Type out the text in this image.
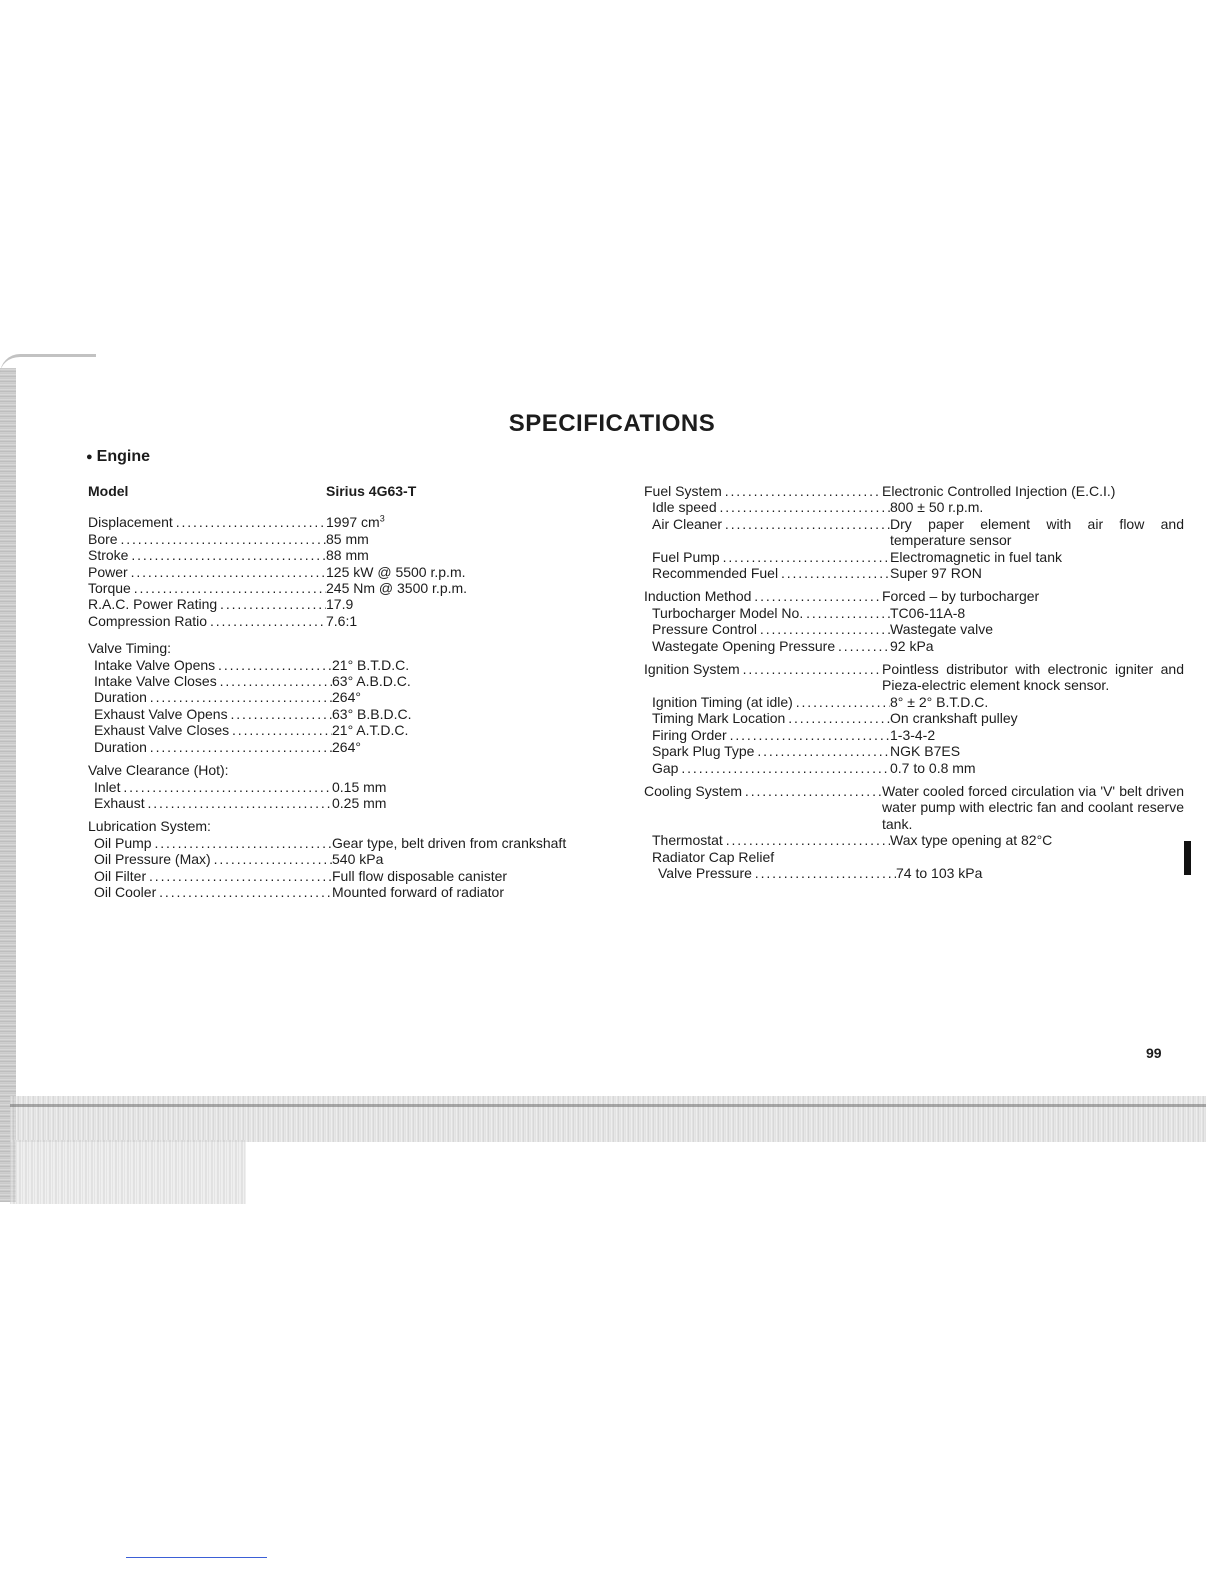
SPECIFICATIONS
● Engine
Model	Sirius 4G63-T
Displacement . . .	1997 $cm^3$
Bore . . .	85 mm
Stroke . . .	88 mm
Power . . .	125 kW @ 5500 r.p.m.
Torque . . .	245 Nm @ 3500 r.p.m.
R.A.C. Power Rating . . .	17.9
Compression Ratio . . .	7.6:1
Valve Timing:
Intake Valve Opens . . .	21° B.T.D.C.
Intake Valve Closes . . .	63° A.B.D.C.
Duration . . .	264°
Exhaust Valve Opens . . .	63° B.B.D.C.
Exhaust Valve Closes . . .	21° A.T.D.C.
Duration . . .	264°
Valve Clearance (Hot):
Inlet . . .	0.15 mm
Exhaust . . .	0.25 mm
Lubrication System:
Oil Pump . . .	Gear type, belt driven from crankshaft
Oil Pressure (Max) . . .	540 kPa
Oil Filter . . .	Full flow disposable canister
Oil Cooler . . .	Mounted forward of radiator
Fuel System . . .	Electronic Controlled Injection (E.C.I.)
Idle speed . . .	800 ± 50 r.p.m.
Air Cleaner . . .	Dry paper element with air flow and temperature sensor
Fuel Pump . . .	Electromagnetic in fuel tank
Recommended Fuel . . .	Super 97 RON
Induction Method . . .	Forced – by turbocharger
Turbocharger Model No. . . .	TC06-11A-8
Pressure Control . . .	Wastegate valve
Wastegate Opening Pressure . . .	92 kPa
Ignition System . . .	Pointless distributor with electronic igniter and Pieza-electric element knock sensor.
Ignition Timing (at idle) . . .	8° ± 2° B.T.D.C.
Timing Mark Location . . .	On crankshaft pulley
Firing Order . . .	1-3-4-2
Spark Plug Type . . .	NGK B7ES
Gap . . .	0.7 to 0.8 mm
Cooling System . . .	Water cooled forced circulation via 'V' belt driven water pump with electric fan and coolant reserve tank.
Thermostat . . .	Wax type opening at 82°C
Radiator Cap Relief
Valve Pressure . . .	74 to 103 kPa
99
